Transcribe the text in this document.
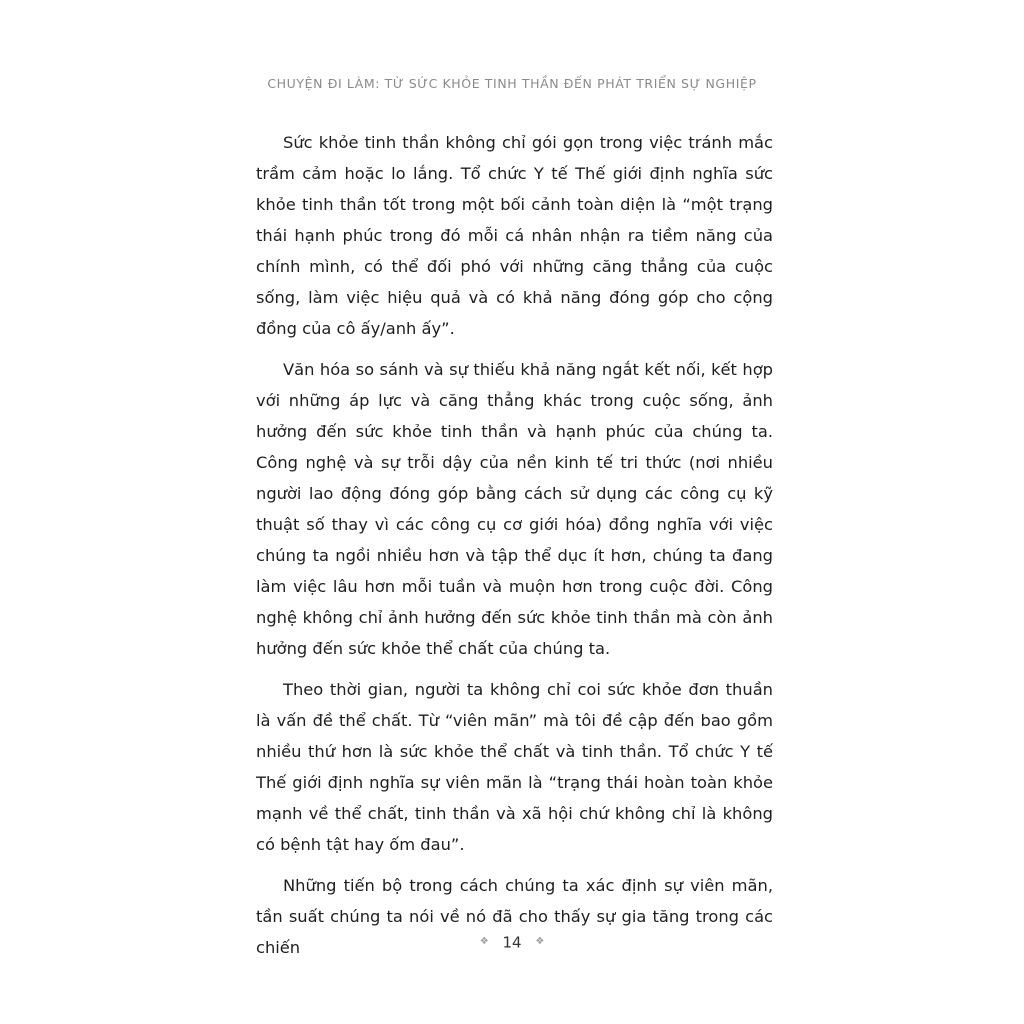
CHUYỆN ĐI LÀM: TỪ SỨC KHỎE TINH THẦN ĐẾN PHÁT TRIỂN SỰ NGHIỆP

Sức khỏe tinh thần không chỉ gói gọn trong việc tránh mắc trầm cảm hoặc lo lắng. Tổ chức Y tế Thế giới định nghĩa sức khỏe tinh thần tốt trong một bối cảnh toàn diện là “một trạng thái hạnh phúc trong đó mỗi cá nhân nhận ra tiềm năng của chính mình, có thể đối phó với những căng thẳng của cuộc sống, làm việc hiệu quả và có khả năng đóng góp cho cộng đồng của cô ấy/anh ấy”.

Văn hóa so sánh và sự thiếu khả năng ngắt kết nối, kết hợp với những áp lực và căng thẳng khác trong cuộc sống, ảnh hưởng đến sức khỏe tinh thần và hạnh phúc của chúng ta. Công nghệ và sự trỗi dậy của nền kinh tế tri thức (nơi nhiều người lao động đóng góp bằng cách sử dụng các công cụ kỹ thuật số thay vì các công cụ cơ giới hóa) đồng nghĩa với việc chúng ta ngồi nhiều hơn và tập thể dục ít hơn, chúng ta đang làm việc lâu hơn mỗi tuần và muộn hơn trong cuộc đời. Công nghệ không chỉ ảnh hưởng đến sức khỏe tinh thần mà còn ảnh hưởng đến sức khỏe thể chất của chúng ta.

Theo thời gian, người ta không chỉ coi sức khỏe đơn thuần là vấn đề thể chất. Từ “viên mãn” mà tôi đề cập đến bao gồm nhiều thứ hơn là sức khỏe thể chất và tinh thần. Tổ chức Y tế Thế giới định nghĩa sự viên mãn là “trạng thái hoàn toàn khỏe mạnh về thể chất, tinh thần và xã hội chứ không chỉ là không có bệnh tật hay ốm đau”.

Những tiến bộ trong cách chúng ta xác định sự viên mãn, tần suất chúng ta nói về nó đã cho thấy sự gia tăng trong các chiến	❖ 14 ❖
